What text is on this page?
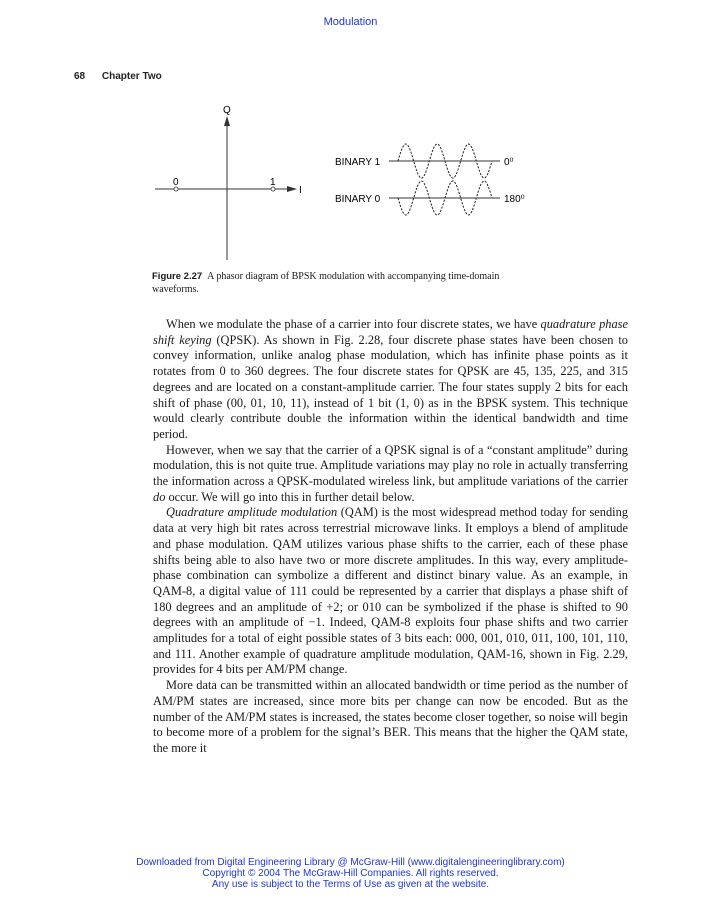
Modulation
68 Chapter Two
Q
I
0	1
BINARY 1
BINARY 0
0⁰
180⁰
Figure 2.27 A phasor diagram of BPSK modulation with accompanying time-domain waveforms.

When we modulate the phase of a carrier into four discrete states, we have quadrature phase shift keying (QPSK). As shown in Fig. 2.28, four discrete phase states have been chosen to convey information, unlike analog phase modulation, which has infinite phase points as it rotates from 0 to 360 degrees. The four discrete states for QPSK are 45, 135, 225, and 315 degrees and are located on a constant-amplitude carrier. The four states supply 2 bits for each shift of phase (00, 01, 10, 11), instead of 1 bit (1, 0) as in the BPSK system. This technique would clearly contribute double the information within the identical bandwidth and time period.

However, when we say that the carrier of a QPSK signal is of a “constant amplitude” during modulation, this is not quite true. Amplitude variations may play no role in actually transferring the information across a QPSK-modulated wireless link, but amplitude variations of the carrier do occur. We will go into this in further detail below.

Quadrature amplitude modulation (QAM) is the most widespread method today for sending data at very high bit rates across terrestrial microwave links. It employs a blend of amplitude and phase modulation. QAM utilizes various phase shifts to the carrier, each of these phase shifts being able to also have two or more discrete amplitudes. In this way, every amplitude-phase combination can symbolize a different and distinct binary value. As an example, in QAM-8, a digital value of 111 could be represented by a carrier that displays a phase shift of 180 degrees and an amplitude of +2; or 010 can be symbolized if the phase is shifted to 90 degrees with an amplitude of −1. Indeed, QAM-8 exploits four phase shifts and two carrier amplitudes for a total of eight possible states of 3 bits each: 000, 001, 010, 011, 100, 101, 110, and 111. Another example of quadrature amplitude modulation, QAM-16, shown in Fig. 2.29, provides for 4 bits per AM/PM change.

More data can be transmitted within an allocated bandwidth or time period as the number of AM/PM states are increased, since more bits per change can now be encoded. But as the number of the AM/PM states is increased, the states become closer together, so noise will begin to become more of a problem for the signal’s BER. This means that the higher the QAM state, the more it

Downloaded from Digital Engineering Library @ McGraw-Hill (www.digitalengineeringlibrary.com)
Copyright © 2004 The McGraw-Hill Companies. All rights reserved.
Any use is subject to the Terms of Use as given at the website.
